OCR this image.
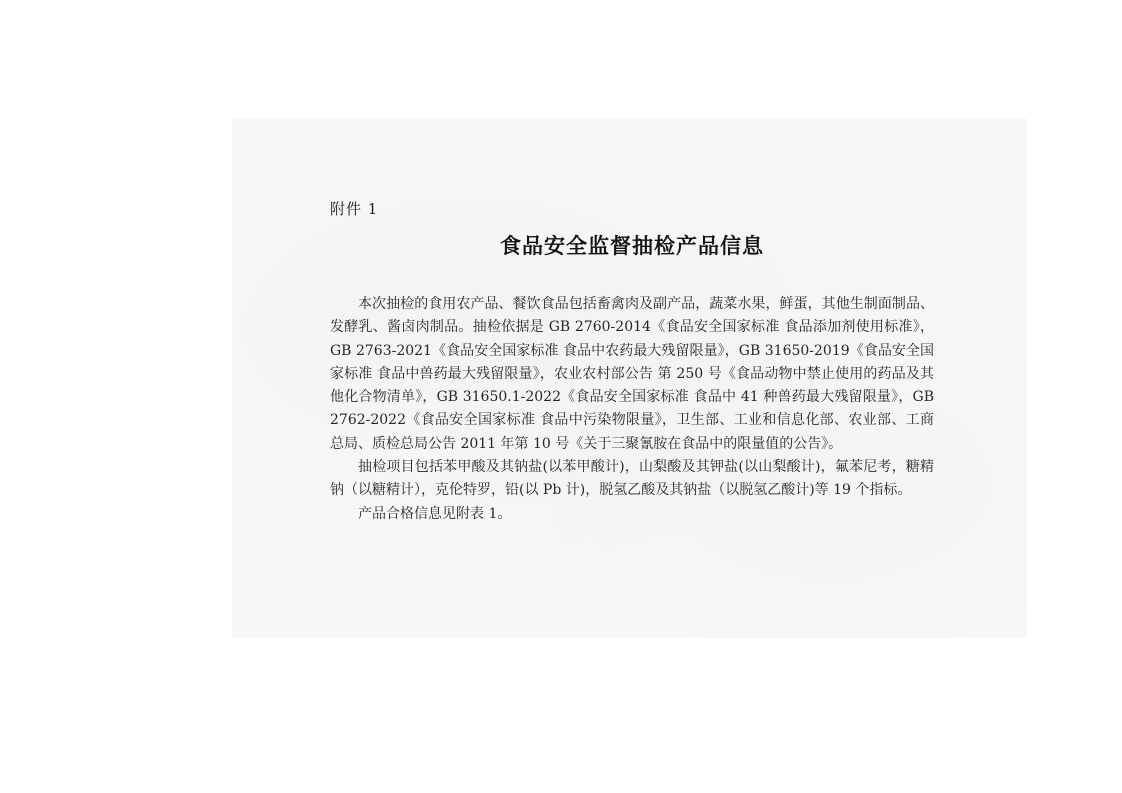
附件 1
食品安全监督抽检产品信息

本次抽检的食用农产品、餐饮食品包括畜禽肉及副产品，蔬菜水果，鲜蛋，其他生制面制品、发酵乳、酱卤肉制品。抽检依据是 GB 2760-2014《食品安全国家标准 食品添加剂使用标准》，GB 2763-2021《食品安全国家标准 食品中农药最大残留限量》，GB 31650-2019《食品安全国家标准 食品中兽药最大残留限量》，农业农村部公告 第 250 号《食品动物中禁止使用的药品及其他化合物清单》，GB 31650.1-2022《食品安全国家标准 食品中 41 种兽药最大残留限量》，GB 2762-2022《食品安全国家标准 食品中污染物限量》，卫生部、工业和信息化部、农业部、工商总局、质检总局公告 2011 年第 10 号《关于三聚氰胺在食品中的限量值的公告》。

抽检项目包括苯甲酸及其钠盐(以苯甲酸计)，山梨酸及其钾盐(以山梨酸计)，氟苯尼考，糖精钠（以糖精计），克伦特罗，铅(以 Pb 计)，脱氢乙酸及其钠盐（以脱氢乙酸计)等 19 个指标。

产品合格信息见附表 1。
